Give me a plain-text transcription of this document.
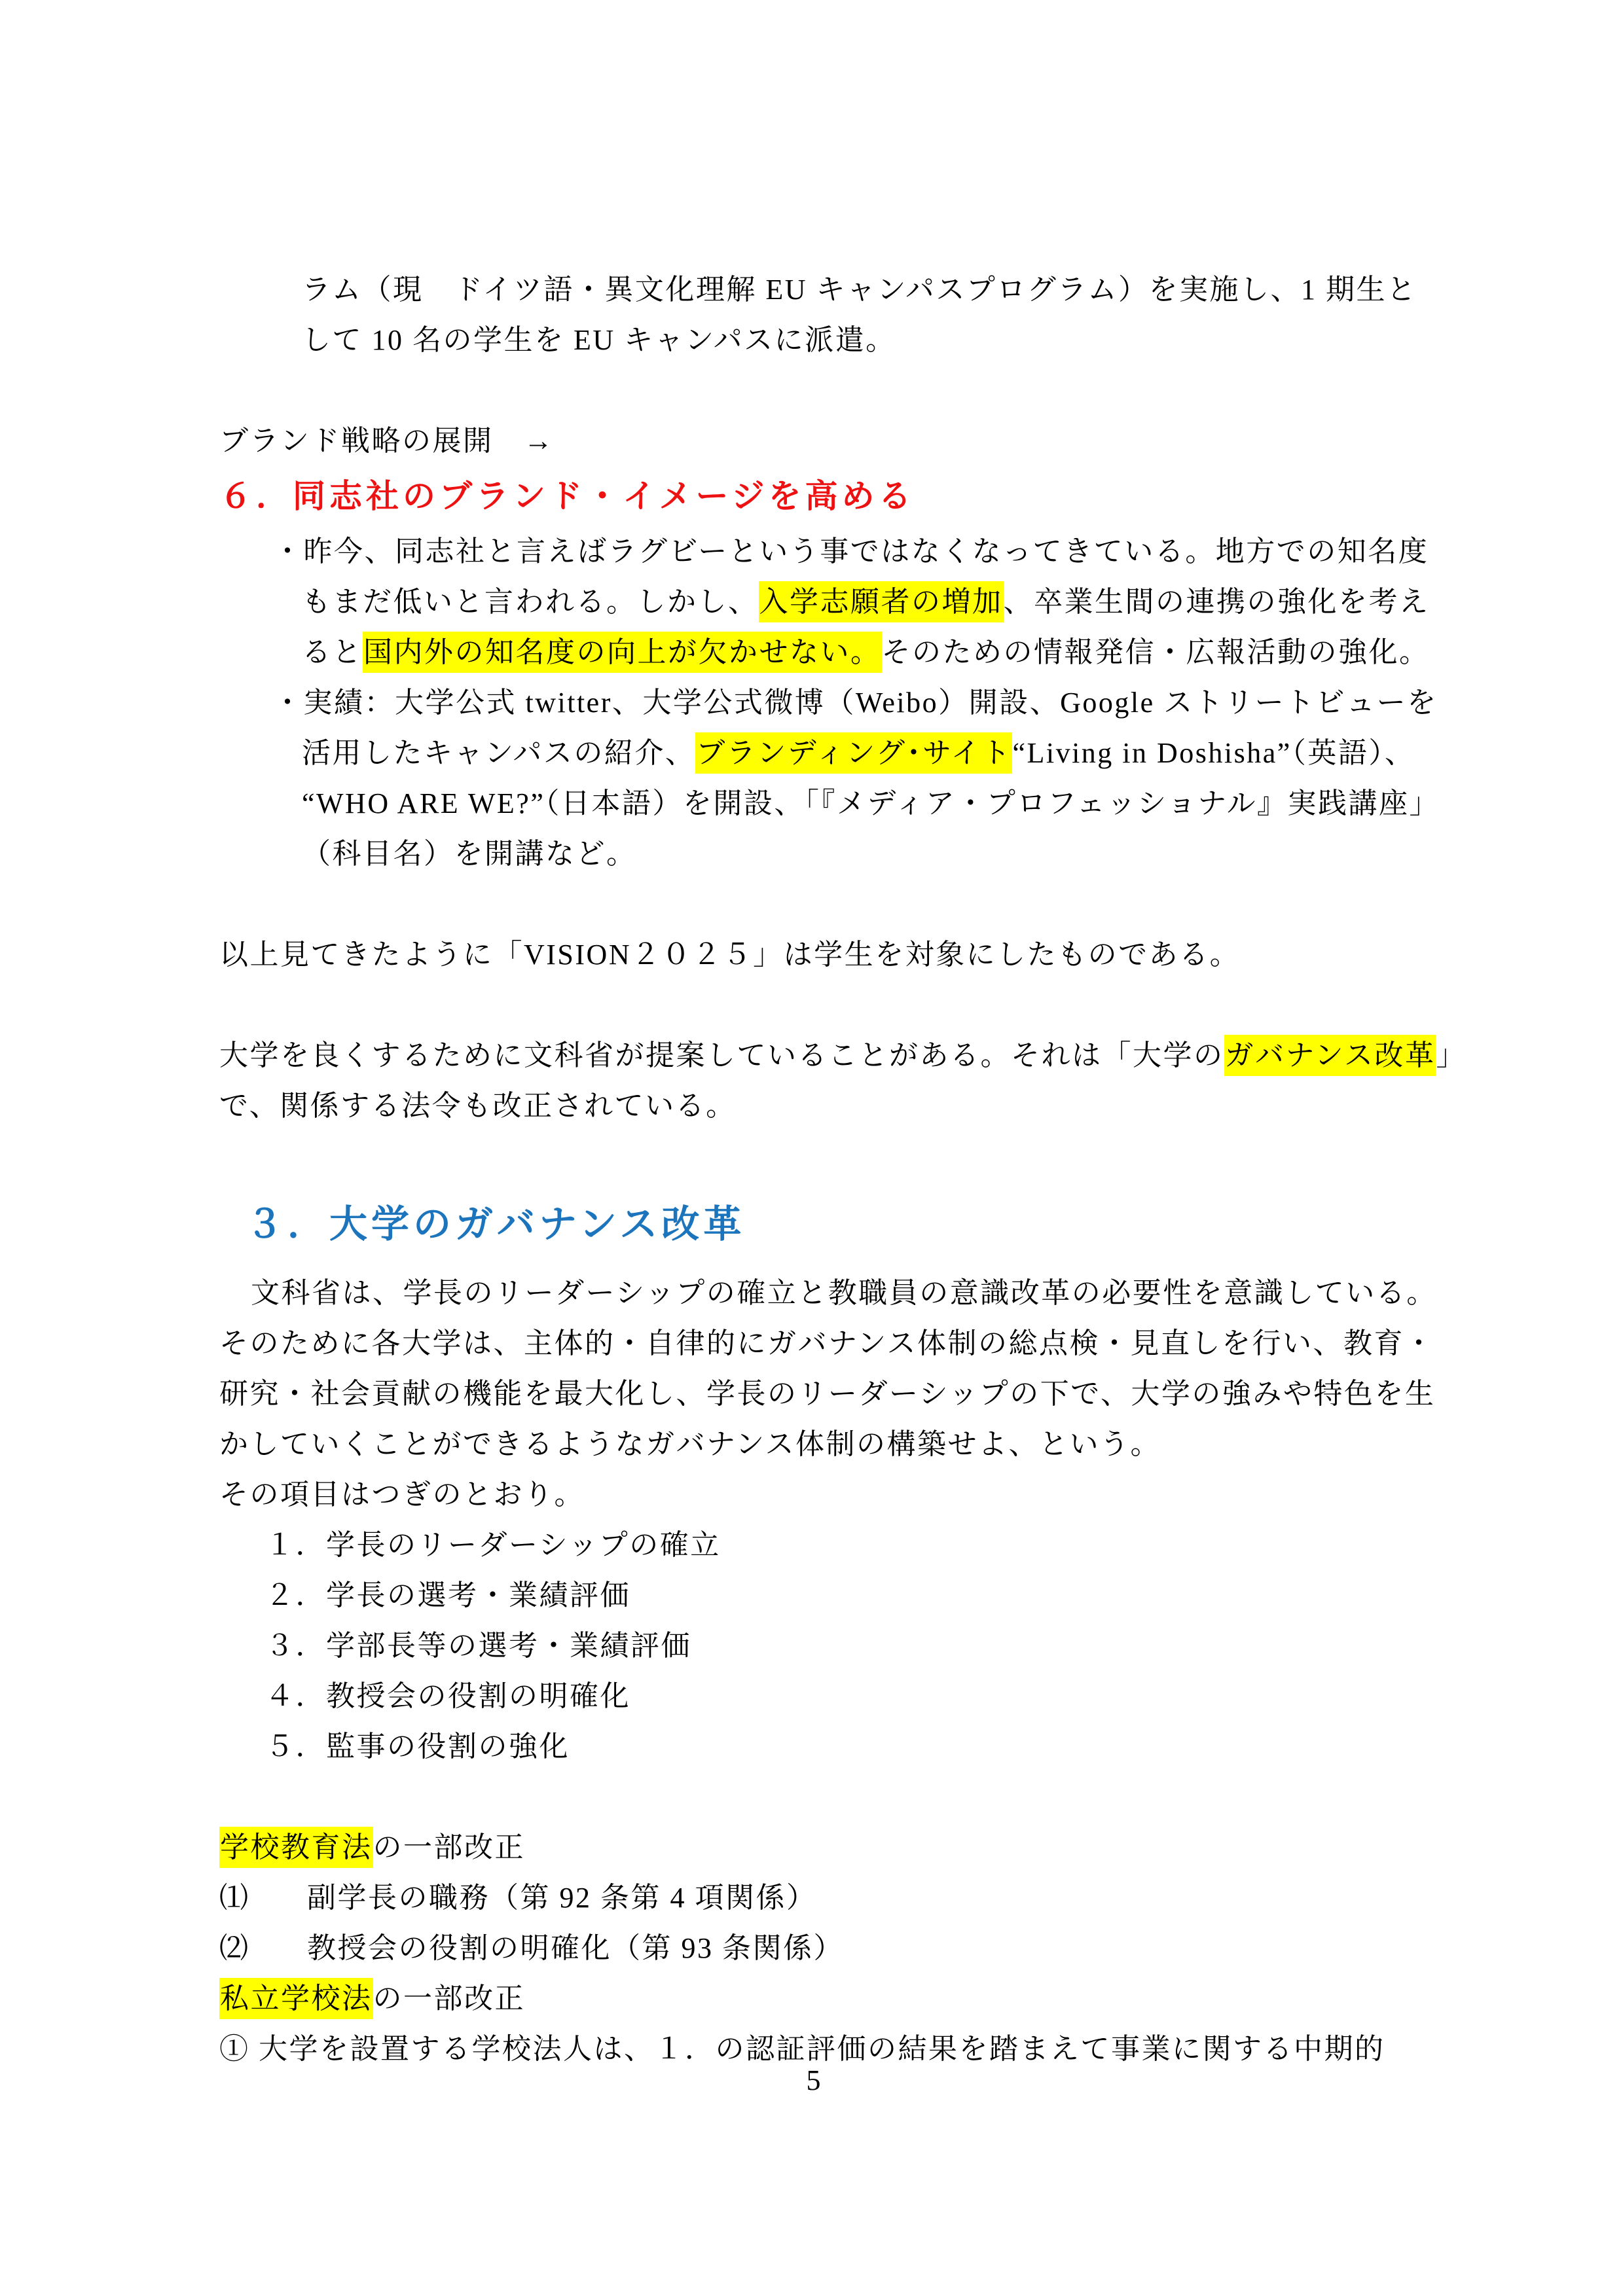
ラム（現　ドイツ語・異文化理解 EU キャンパスプログラム）を実施し、1 期生と
して 10 名の学生を EU キャンパスに派遣。
ブランド戦略の展開　→
６．同志社のブランド・イメージを高める
・昨今、同志社と言えばラグビーという事ではなくなってきている。地方での知名度
もまだ低いと言われる。しかし、入学志願者の増加、卒業生間の連携の強化を考え
ると国内外の知名度の向上が欠かせない。そのための情報発信・広報活動の強化。
・実績：大学公式 twitter、大学公式微博（Weibo）開設、Google ストリートビューを
活用したキャンパスの紹介、ブランディング･サイト“Living in Doshisha”（英語）、
“WHO ARE WE?”（日本語）を開設、「『メディア・プロフェッショナル』実践講座」
（科目名）を開講など。
以上見てきたように「VISION２０２５」は学生を対象にしたものである。
大学を良くするために文科省が提案していることがある。それは「大学のガバナンス改革」
で、関係する法令も改正されている。
３．大学のガバナンス改革
文科省は、学長のリーダーシップの確立と教職員の意識改革の必要性を意識している。
そのために各大学は、主体的・自律的にガバナンス体制の総点検・見直しを行い、教育・
研究・社会貢献の機能を最大化し、学長のリーダーシップの下で、大学の強みや特色を生
かしていくことができるようなガバナンス体制の構築せよ、という。
その項目はつぎのとおり。
１．学長のリーダーシップの確立
２．学長の選考・業績評価
３．学部長等の選考・業績評価
４．教授会の役割の明確化
５．監事の役割の強化
学校教育法の一部改正
⑴ 副学長の職務（第 92 条第 4 項関係）
⑵ 教授会の役割の明確化（第 93 条関係）
私立学校法の一部改正
① 大学を設置する学校法人は、１．の認証評価の結果を踏まえて事業に関する中期的
5
